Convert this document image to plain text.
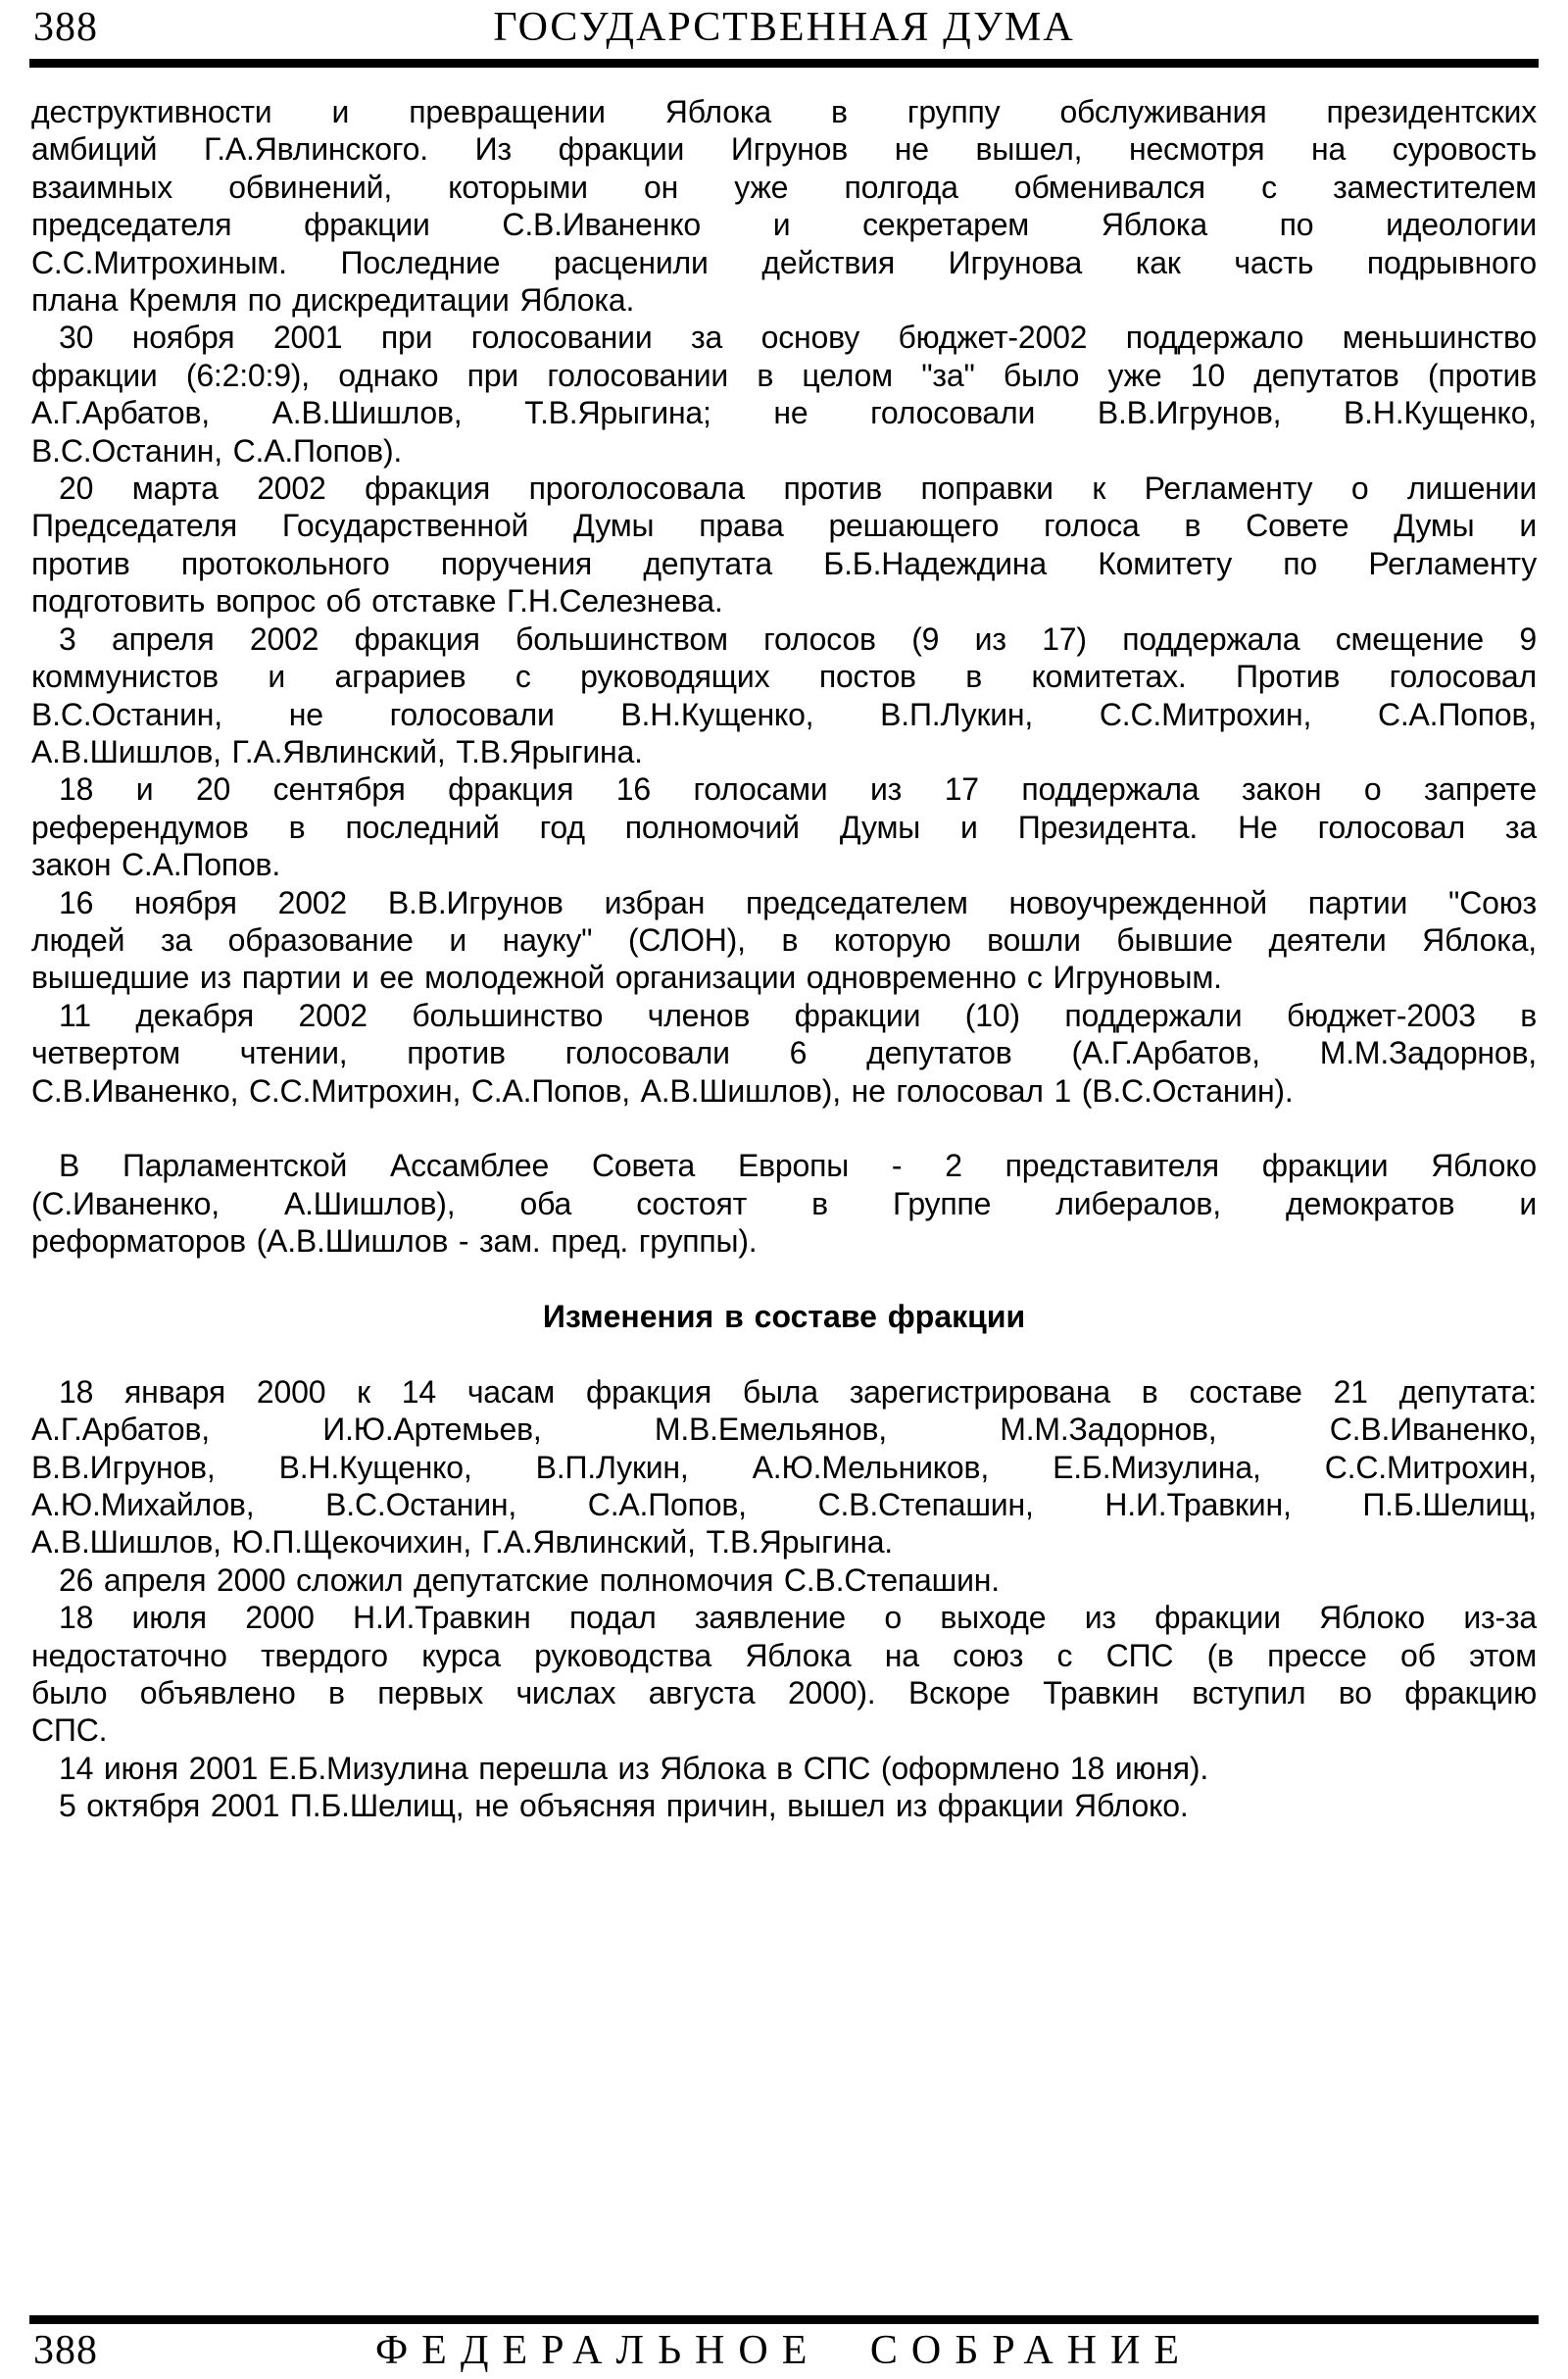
388	ГОСУДАРСТВЕННАЯ ДУМА
деструктивности и превращении Яблока в группу обслуживания президентских
амбиций Г.А.Явлинского. Из фракции Игрунов не вышел, несмотря на суровость
взаимных обвинений, которыми он уже полгода обменивался с заместителем
председателя фракции С.В.Иваненко и секретарем Яблока по идеологии
С.С.Митрохиным. Последние расценили действия Игрунова как часть подрывного
плана Кремля по дискредитации Яблока.
30 ноября 2001 при голосовании за основу бюджет-2002 поддержало меньшинство
фракции (6:2:0:9), однако при голосовании в целом "за" было уже 10 депутатов (против
А.Г.Арбатов, А.В.Шишлов, Т.В.Ярыгина; не голосовали В.В.Игрунов, В.Н.Кущенко,
В.С.Останин, С.А.Попов).
20 марта 2002 фракция проголосовала против поправки к Регламенту о лишении
Председателя Государственной Думы права решающего голоса в Совете Думы и
против протокольного поручения депутата Б.Б.Надеждина Комитету по Регламенту
подготовить вопрос об отставке Г.Н.Селезнева.
3 апреля 2002 фракция большинством голосов (9 из 17) поддержала смещение 9
коммунистов и аграриев с руководящих постов в комитетах. Против голосовал
В.С.Останин, не голосовали В.Н.Кущенко, В.П.Лукин, С.С.Митрохин, С.А.Попов,
А.В.Шишлов, Г.А.Явлинский, Т.В.Ярыгина.
18 и 20 сентября фракция 16 голосами из 17 поддержала закон о запрете
референдумов в последний год полномочий Думы и Президента. Не голосовал за
закон С.А.Попов.
16 ноября 2002 В.В.Игрунов избран председателем новоучрежденной партии "Союз
людей за образование и науку" (СЛОН), в которую вошли бывшие деятели Яблока,
вышедшие из партии и ее молодежной организации одновременно с Игруновым.
11 декабря 2002 большинство членов фракции (10) поддержали бюджет-2003 в
четвертом чтении, против голосовали 6 депутатов (А.Г.Арбатов, М.М.Задорнов,
С.В.Иваненко, С.С.Митрохин, С.А.Попов, А.В.Шишлов), не голосовал 1 (В.С.Останин).
В Парламентской Ассамблее Совета Европы - 2 представителя фракции Яблоко
(С.Иваненко, А.Шишлов), оба состоят в Группе либералов, демократов и
реформаторов (А.В.Шишлов - зам. пред. группы).
Изменения в составе фракции
18 января 2000 к 14 часам фракция была зарегистрирована в составе 21 депутата:
А.Г.Арбатов, И.Ю.Артемьев, М.В.Емельянов, М.М.Задорнов, С.В.Иваненко,
В.В.Игрунов, В.Н.Кущенко, В.П.Лукин, А.Ю.Мельников, Е.Б.Мизулина, С.С.Митрохин,
А.Ю.Михайлов, В.С.Останин, С.А.Попов, С.В.Степашин, Н.И.Травкин, П.Б.Шелищ,
А.В.Шишлов, Ю.П.Щекочихин, Г.А.Явлинский, Т.В.Ярыгина.
26 апреля 2000 сложил депутатские полномочия С.В.Степашин.
18 июля 2000 Н.И.Травкин подал заявление о выходе из фракции Яблоко из-за
недостаточно твердого курса руководства Яблока на союз с СПС (в прессе об этом
было объявлено в первых числах августа 2000). Вскоре Травкин вступил во фракцию
СПС.
14 июня 2001 Е.Б.Мизулина перешла из Яблока в СПС (оформлено 18 июня).
5 октября 2001 П.Б.Шелищ, не объясняя причин, вышел из фракции Яблоко.
388	ФЕДЕРАЛЬНОЕ СОБРАНИЕ
